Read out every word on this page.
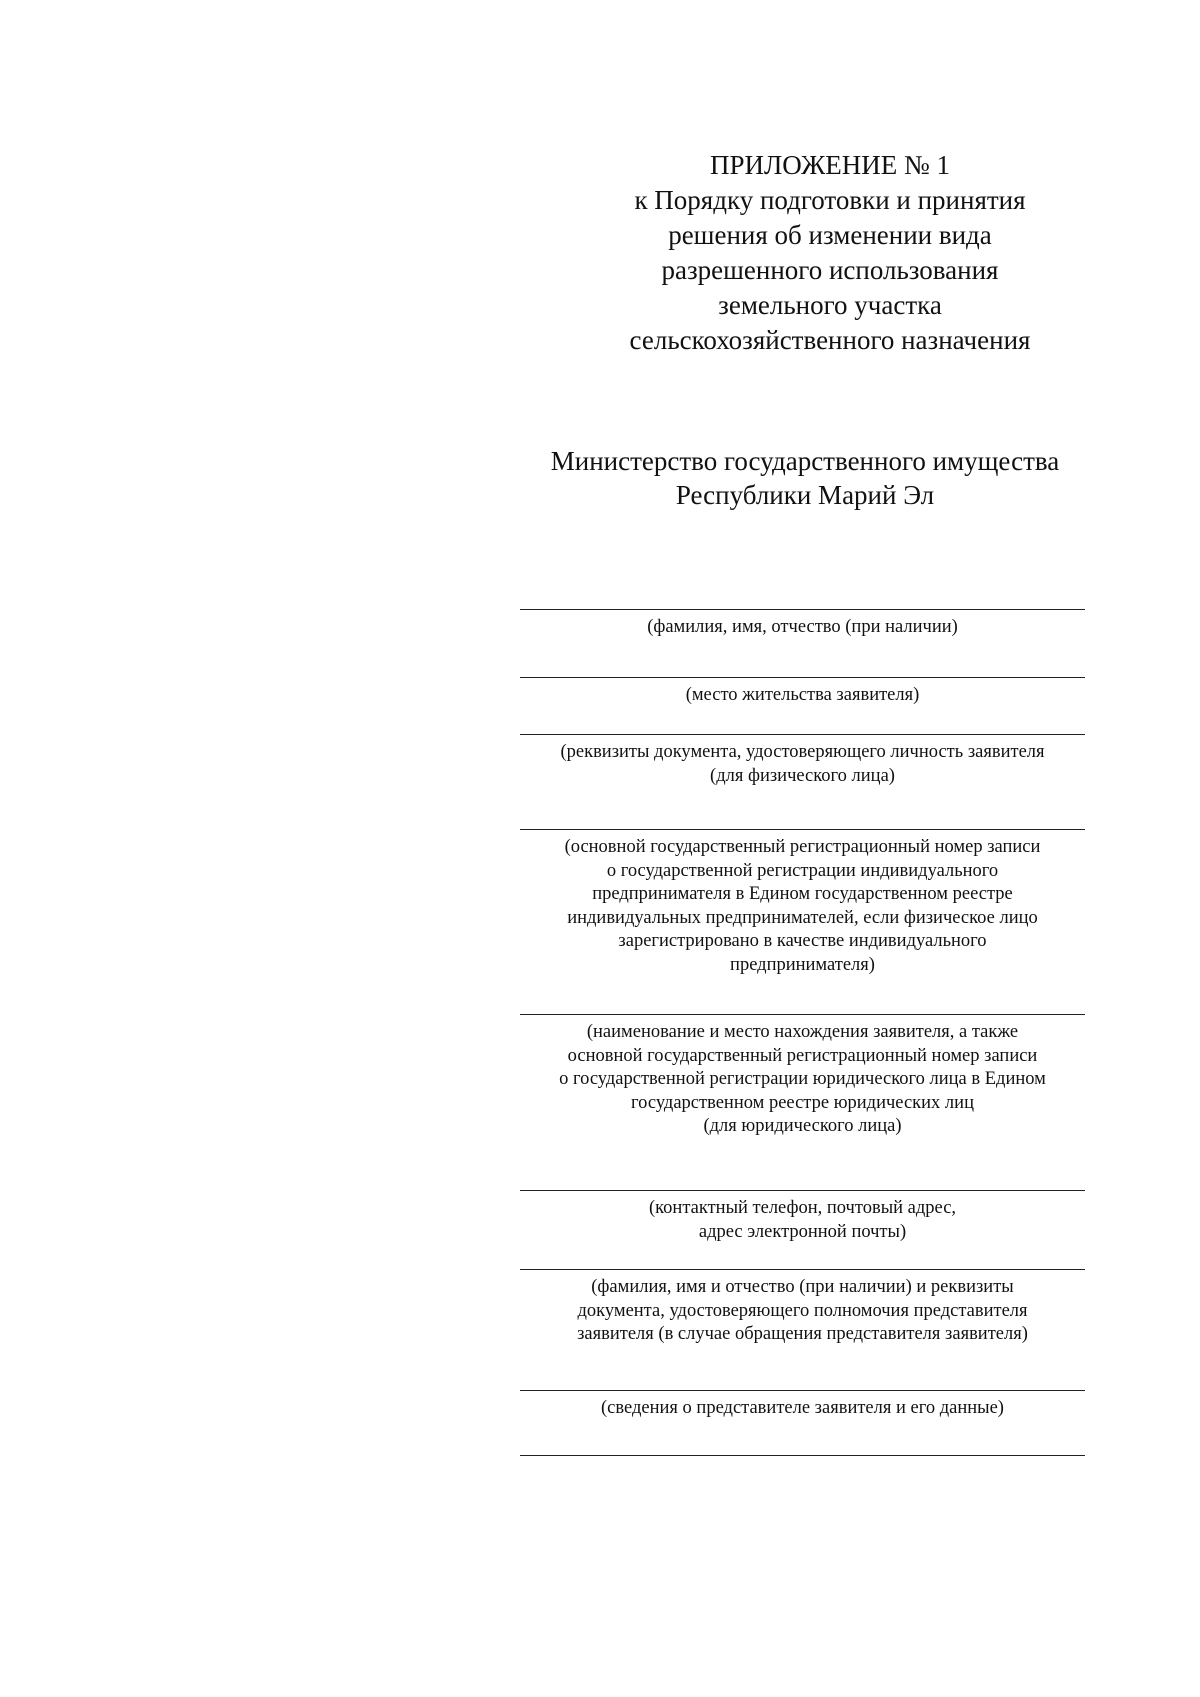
ПРИЛОЖЕНИЕ № 1
к Порядку подготовки и принятия
решения об изменении вида
разрешенного использования
земельного участка
сельскохозяйственного назначения
Министерство государственного имущества
Республики Марий Эл
(фамилия, имя, отчество (при наличии)
(место жительства заявителя)
(реквизиты документа, удостоверяющего личность заявителя
(для физического лица)
(основной государственный регистрационный номер записи
о государственной регистрации индивидуального
предпринимателя в Едином государственном реестре
индивидуальных предпринимателей, если физическое лицо
зарегистрировано в качестве индивидуального
предпринимателя)
(наименование и место нахождения заявителя, а также
основной государственный регистрационный номер записи
о государственной регистрации юридического лица в Едином
государственном реестре юридических лиц
(для юридического лица)
(контактный телефон, почтовый адрес,
адрес электронной почты)
(фамилия, имя и отчество (при наличии) и реквизиты
документа, удостоверяющего полномочия представителя
заявителя (в случае обращения представителя заявителя)
(сведения о представителе заявителя и его данные)
